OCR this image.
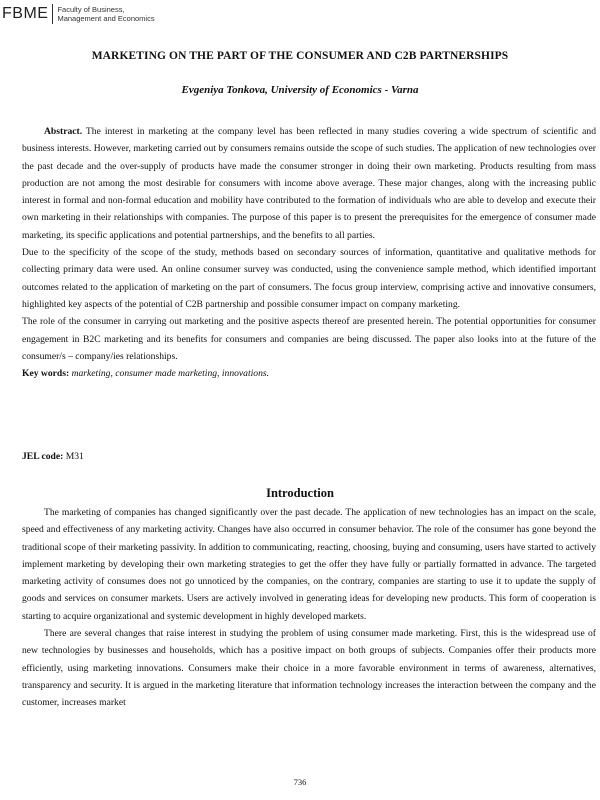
FBME	Faculty of Business,
Management and Economics
MARKETING ON THE PART OF THE CONSUMER AND C2B PARTNERSHIPS
Evgeniya Tonkova, University of Economics - Varna

Abstract. The interest in marketing at the company level has been reflected in many studies covering a wide spectrum of scientific and business interests. However, marketing carried out by consumers remains outside the scope of such studies. The application of new technologies over the past decade and the over-supply of products have made the consumer stronger in doing their own marketing. Products resulting from mass production are not among the most desirable for consumers with income above average. These major changes, along with the increasing public interest in formal and non-formal education and mobility have contributed to the formation of individuals who are able to develop and execute their own marketing in their relationships with companies. The purpose of this paper is to present the prerequisites for the emergence of consumer made marketing, its specific applications and potential partnerships, and the benefits to all parties.

Due to the specificity of the scope of the study, methods based on secondary sources of information, quantitative and qualitative methods for collecting primary data were used. An online consumer survey was conducted, using the convenience sample method, which identified important outcomes related to the application of marketing on the part of consumers. The focus group interview, comprising active and innovative consumers, highlighted key aspects of the potential of C2B partnership and possible consumer impact on company marketing.

The role of the consumer in carrying out marketing and the positive aspects thereof are presented herein. The potential opportunities for consumer engagement in B2C marketing and its benefits for consumers and companies are being discussed. The paper also looks into at the future of the consumer/s – company/ies relationships.

Key words: marketing, consumer made marketing, innovations.

JEL code: M31
Introduction

The marketing of companies has changed significantly over the past decade. The application of new technologies has an impact on the scale, speed and effectiveness of any marketing activity. Changes have also occurred in consumer behavior. The role of the consumer has gone beyond the traditional scope of their marketing passivity. In addition to communicating, reacting, choosing, buying and consuming, users have started to actively implement marketing by developing their own marketing strategies to get the offer they have fully or partially formatted in advance. The targeted marketing activity of consumes does not go unnoticed by the companies, on the contrary, companies are starting to use it to update the supply of goods and services on consumer markets. Users are actively involved in generating ideas for developing new products. This form of cooperation is starting to acquire organizational and systemic development in highly developed markets.

There are several changes that raise interest in studying the problem of using consumer made marketing. First, this is the widespread use of new technologies by businesses and households, which has a positive impact on both groups of subjects. Companies offer their products more efficiently, using marketing innovations. Consumers make their choice in a more favorable environment in terms of awareness, alternatives, transparency and security. It is argued in the marketing literature that information technology increases the interaction between the company and the customer, increases market

736
